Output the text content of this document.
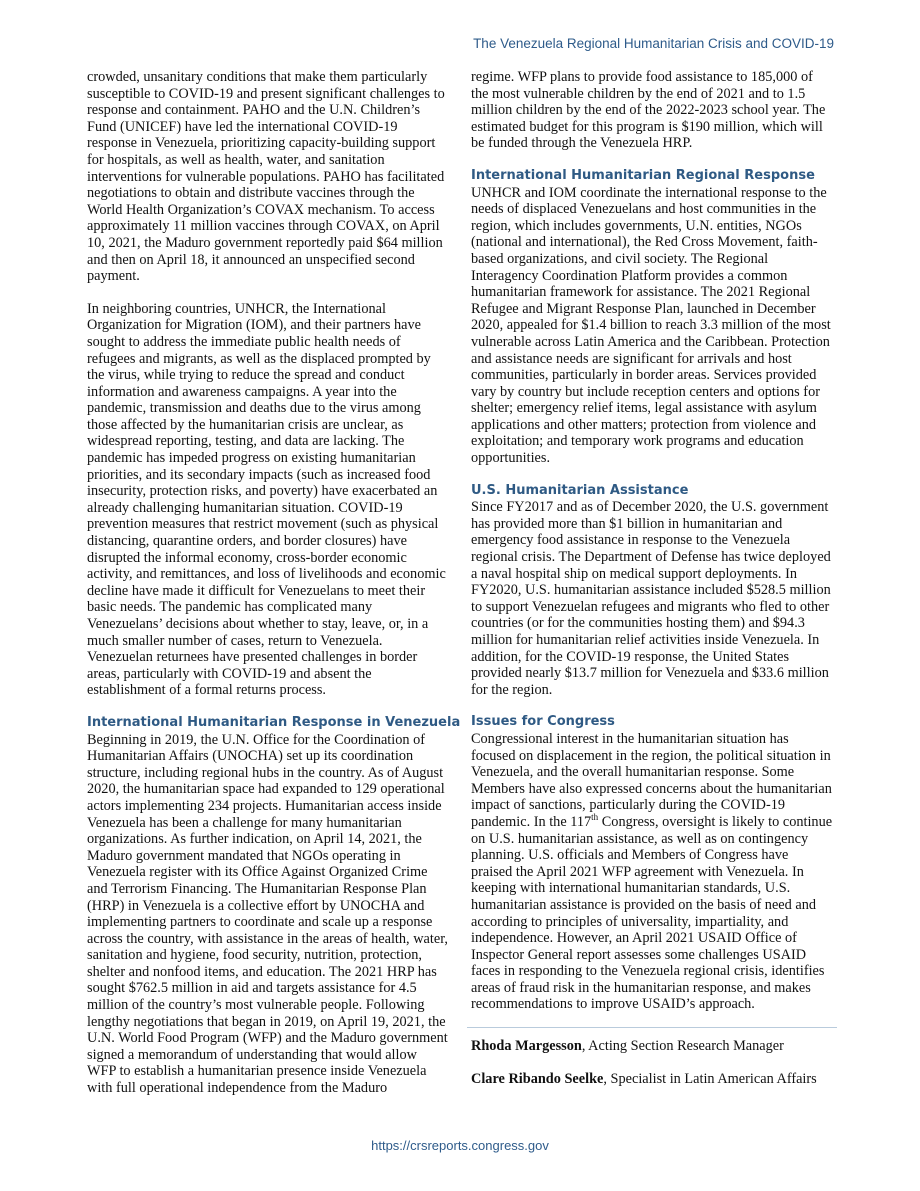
The Venezuela Regional Humanitarian Crisis and COVID-19

crowded, unsanitary conditions that make them particularly susceptible to COVID-19 and present significant challenges to response and containment. PAHO and the U.N. Children’s Fund (UNICEF) have led the international COVID-19 response in Venezuela, prioritizing capacity-building support for hospitals, as well as health, water, and sanitation interventions for vulnerable populations. PAHO has facilitated negotiations to obtain and distribute vaccines through the World Health Organization’s COVAX mechanism. To access approximately 11 million vaccines through COVAX, on April 10, 2021, the Maduro government reportedly paid $64 million and then on April 18, it announced an unspecified second payment.

In neighboring countries, UNHCR, the International Organization for Migration (IOM), and their partners have sought to address the immediate public health needs of refugees and migrants, as well as the displaced prompted by the virus, while trying to reduce the spread and conduct information and awareness campaigns. A year into the pandemic, transmission and deaths due to the virus among those affected by the humanitarian crisis are unclear, as widespread reporting, testing, and data are lacking. The pandemic has impeded progress on existing humanitarian priorities, and its secondary impacts (such as increased food insecurity, protection risks, and poverty) have exacerbated an already challenging humanitarian situation. COVID-19 prevention measures that restrict movement (such as physical distancing, quarantine orders, and border closures) have disrupted the informal economy, cross-border economic activity, and remittances, and loss of livelihoods and economic decline have made it difficult for Venezuelans to meet their basic needs. The pandemic has complicated many Venezuelans’ decisions about whether to stay, leave, or, in a much smaller number of cases, return to Venezuela. Venezuelan returnees have presented challenges in border areas, particularly with COVID-19 and absent the establishment of a formal returns process.

International Humanitarian Response in Venezuela

Beginning in 2019, the U.N. Office for the Coordination of Humanitarian Affairs (UNOCHA) set up its coordination structure, including regional hubs in the country. As of August 2020, the humanitarian space had expanded to 129 operational actors implementing 234 projects. Humanitarian access inside Venezuela has been a challenge for many humanitarian organizations. As further indication, on April 14, 2021, the Maduro government mandated that NGOs operating in Venezuela register with its Office Against Organized Crime and Terrorism Financing. The Humanitarian Response Plan (HRP) in Venezuela is a collective effort by UNOCHA and implementing partners to coordinate and scale up a response across the country, with assistance in the areas of health, water, sanitation and hygiene, food security, nutrition, protection, shelter and nonfood items, and education. The 2021 HRP has sought $762.5 million in aid and targets assistance for 4.5 million of the country’s most vulnerable people. Following lengthy negotiations that began in 2019, on April 19, 2021, the U.N. World Food Program (WFP) and the Maduro government signed a memorandum of understanding that would allow WFP to establish a humanitarian presence inside Venezuela with full operational independence from the Maduro

regime. WFP plans to provide food assistance to 185,000 of the most vulnerable children by the end of 2021 and to 1.5 million children by the end of the 2022-2023 school year. The estimated budget for this program is $190 million, which will be funded through the Venezuela HRP.

International Humanitarian Regional Response

UNHCR and IOM coordinate the international response to the needs of displaced Venezuelans and host communities in the region, which includes governments, U.N. entities, NGOs (national and international), the Red Cross Movement, faith-based organizations, and civil society. The Regional Interagency Coordination Platform provides a common humanitarian framework for assistance. The 2021 Regional Refugee and Migrant Response Plan, launched in December 2020, appealed for $1.4 billion to reach 3.3 million of the most vulnerable across Latin America and the Caribbean. Protection and assistance needs are significant for arrivals and host communities, particularly in border areas. Services provided vary by country but include reception centers and options for shelter; emergency relief items, legal assistance with asylum applications and other matters; protection from violence and exploitation; and temporary work programs and education opportunities.

U.S. Humanitarian Assistance

Since FY2017 and as of December 2020, the U.S. government has provided more than $1 billion in humanitarian and emergency food assistance in response to the Venezuela regional crisis. The Department of Defense has twice deployed a naval hospital ship on medical support deployments. In FY2020, U.S. humanitarian assistance included $528.5 million to support Venezuelan refugees and migrants who fled to other countries (or for the communities hosting them) and $94.3 million for humanitarian relief activities inside Venezuela. In addition, for the COVID-19 response, the United States provided nearly $13.7 million for Venezuela and $33.6 million for the region.

Issues for Congress

Congressional interest in the humanitarian situation has focused on displacement in the region, the political situation in Venezuela, and the overall humanitarian response. Some Members have also expressed concerns about the humanitarian impact of sanctions, particularly during the COVID-19 pandemic. In the 117th Congress, oversight is likely to continue on U.S. humanitarian assistance, as well as on contingency planning. U.S. officials and Members of Congress have praised the April 2021 WFP agreement with Venezuela. In keeping with international humanitarian standards, U.S. humanitarian assistance is provided on the basis of need and according to principles of universality, impartiality, and independence. However, an April 2021 USAID Office of Inspector General report assesses some challenges USAID faces in responding to the Venezuela regional crisis, identifies areas of fraud risk in the humanitarian response, and makes recommendations to improve USAID’s approach.

Rhoda Margesson, Acting Section Research Manager

Clare Ribando Seelke, Specialist in Latin American Affairs

https://crsreports.congress.gov
